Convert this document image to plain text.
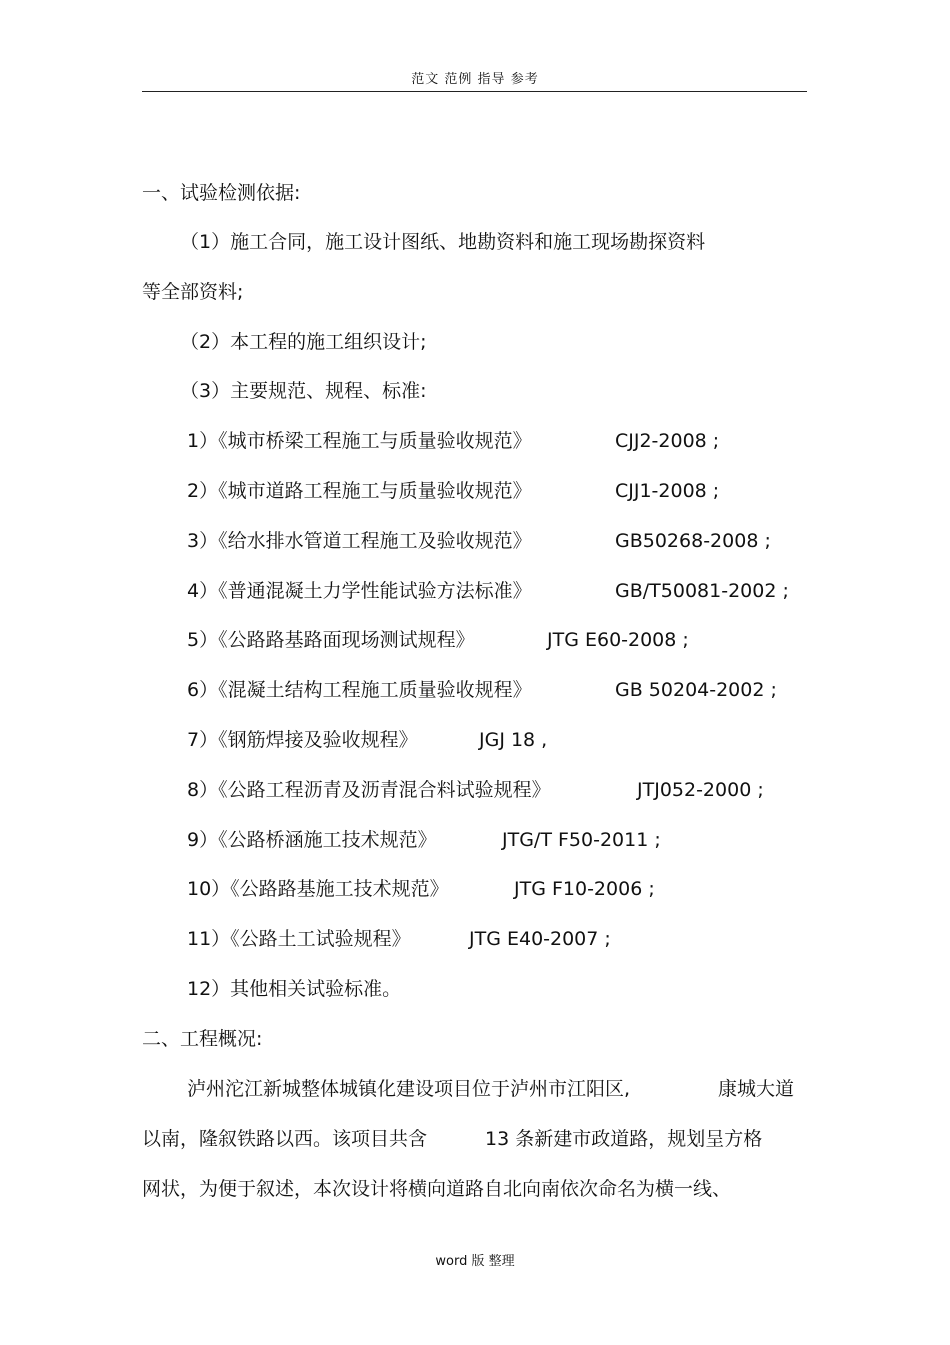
范文 范例 指导 参考
一、试验检测依据:
（1）施工合同，施工设计图纸、地勘资料和施工现场勘探资料
等全部资料;
（2）本工程的施工组织设计;
（3）主要规范、规程、标准:
1）《城市桥梁工程施工与质量验收规范》	CJJ2-2008 ;
2）《城市道路工程施工与质量验收规范》	CJJ1-2008 ;
3）《给水排水管道工程施工及验收规范》	GB50268-2008 ;
4）《普通混凝土力学性能试验方法标准》	GB/T50081-2002 ;
5）《公路路基路面现场测试规程》	JTG E60-2008 ;
6）《混凝土结构工程施工质量验收规程》	GB 50204-2002 ;
7）《钢筋焊接及验收规程》	JGJ 18 ,
8）《公路工程沥青及沥青混合料试验规程》	JTJ052-2000 ;
9）《公路桥涵施工技术规范》	JTG/T F50-2011 ;
10）《公路路基施工技术规范》	JTG F10-2006 ;
11）《公路土工试验规程》	JTG E40-2007 ;
12）其他相关试验标准。
二、工程概况:
泸州沱江新城整体城镇化建设项目位于泸州市江阳区,	康城大道
以南，隆叙铁路以西。该项目共含	13 条新建市政道路，规划呈方格
网状，为便于叙述，本次设计将横向道路自北向南依次命名为横一线、
word 版 整理
